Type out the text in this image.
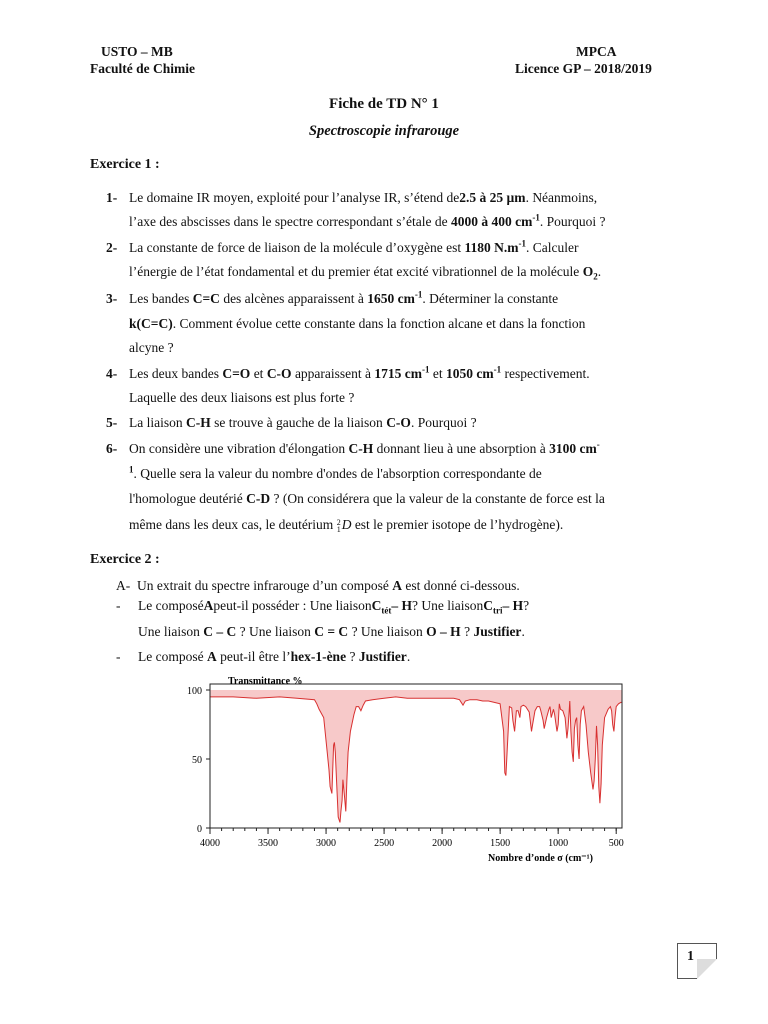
USTO – MB
Faculté de Chimie
MPCA
Licence GP – 2018/2019
Fiche de TD N° 1
Spectroscopie infrarouge
Exercice 1 :
1- Le domaine IR moyen, exploité pour l’analyse IR, s’étend de2.5 à 25 µm. Néanmoins,
l’axe des abscisses dans le spectre correspondant s’étale de 4000 à 400 $cm^{-1}$. Pourquoi ?
2- La constante de force de liaison de la molécule d’oxygène est 1180 $N.m^{-1}$. Calculer
l’énergie de l’état fondamental et du premier état excité vibrationnel de la molécule $O_2$.
3- Les bandes C=C des alcènes apparaissent à 1650 $cm^{-1}$. Déterminer la constante
k(C=C). Comment évolue cette constante dans la fonction alcane et dans la fonction
alcyne ?
4- Les deux bandes C=O et C-O apparaissent à 1715 $cm^{-1}$ et 1050 $cm^{-1}$ respectivement.
Laquelle des deux liaisons est plus forte ?
5- La liaison C-H se trouve à gauche de la liaison C-O. Pourquoi ?
6- On considère une vibration d'élongation C-H donnant lieu à une absorption à 3100 cm-
$^1$. Quelle sera la valeur du nombre d'ondes de l'absorption correspondante de
l'homologue deutérié C-D ? (On considérera que la valeur de la constante de force est la
même dans les deux cas, le deutérium 2
1D est le premier isotope de l’hydrogène).
Exercice 2 :
A- Un extrait du spectre infrarouge d’un composé A est donné ci-dessous.
- Le composéApeut-il posséder : Une liaisonC$_{tét}$– H? Une liaisonC$_{tri}$– H?
Une liaison C – C ? Une liaison C = C ? Une liaison O – H ? Justifier.
- Le composé A peut-il être l’hex-1-ène ? Justifier.
100
50
0
4000	3500	3000	2500	2000	1500	1000	500
Transmittance %
Nombre d’onde σ (cm⁻¹)
1
